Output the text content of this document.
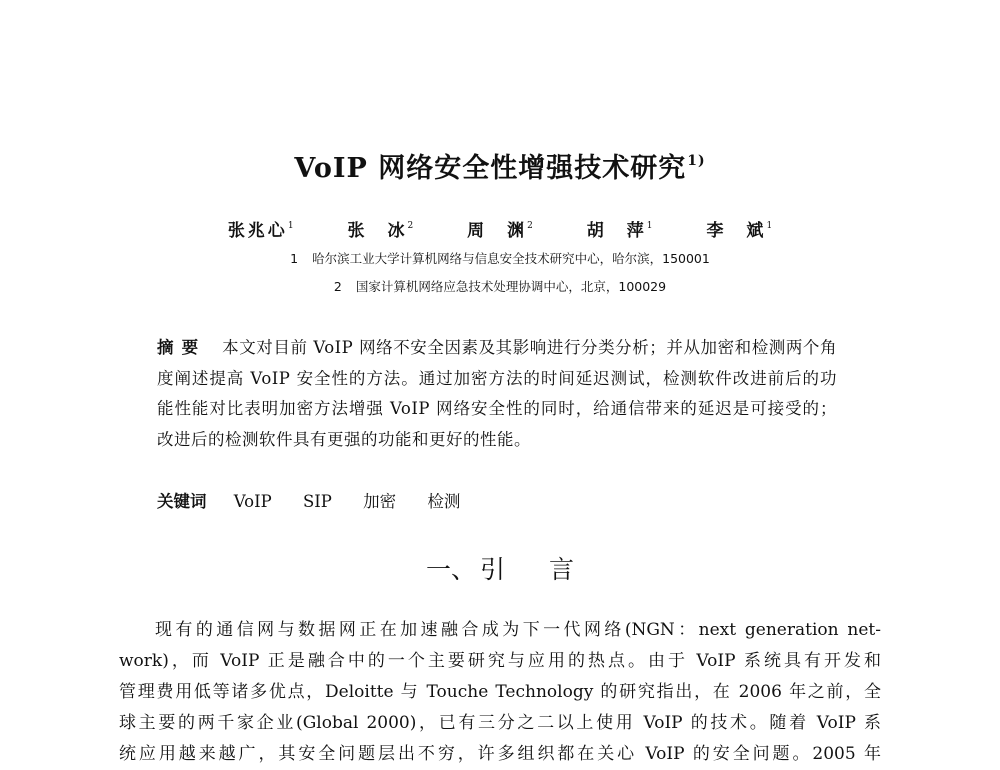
VoIP 网络安全性增强技术研究$^{1)}$
张兆心$^1$	张　冰$^2$	周　渊$^2$	胡　萍$^1$	李　斌$^1$
1 哈尔滨工业大学计算机网络与信息安全技术研究中心，哈尔滨，150001
2 国家计算机网络应急技术处理协调中心，北京，100029
摘要 本文对目前 VoIP 网络不安全因素及其影响进行分类分析；并从加密和检测两个角度阐述提高 VoIP 安全性的方法。通过加密方法的时间延迟测试，检测软件改进前后的功能性能对比表明加密方法增强 VoIP 网络安全性的同时，给通信带来的延迟是可接受的；改进后的检测软件具有更强的功能和更好的性能。
关键词 VoIP SIP 加密 检测
一、 引 言
现有的通信网与数据网正在加速融合成为下一代网络(NGN：next generation net-
work)，而 VoIP 正是融合中的一个主要研究与应用的热点。由于 VoIP 系统具有开发和
管理费用低等诸多优点，Deloitte 与 Touche Technology 的研究指出，在 2006 年之前，全
球主要的两千家企业(Global 2000)，已有三分之二以上使用 VoIP 的技术。随着 VoIP 系
统应用越来越广，其安全问题层出不穷，许多组织都在关心 VoIP 的安全问题。2005 年
